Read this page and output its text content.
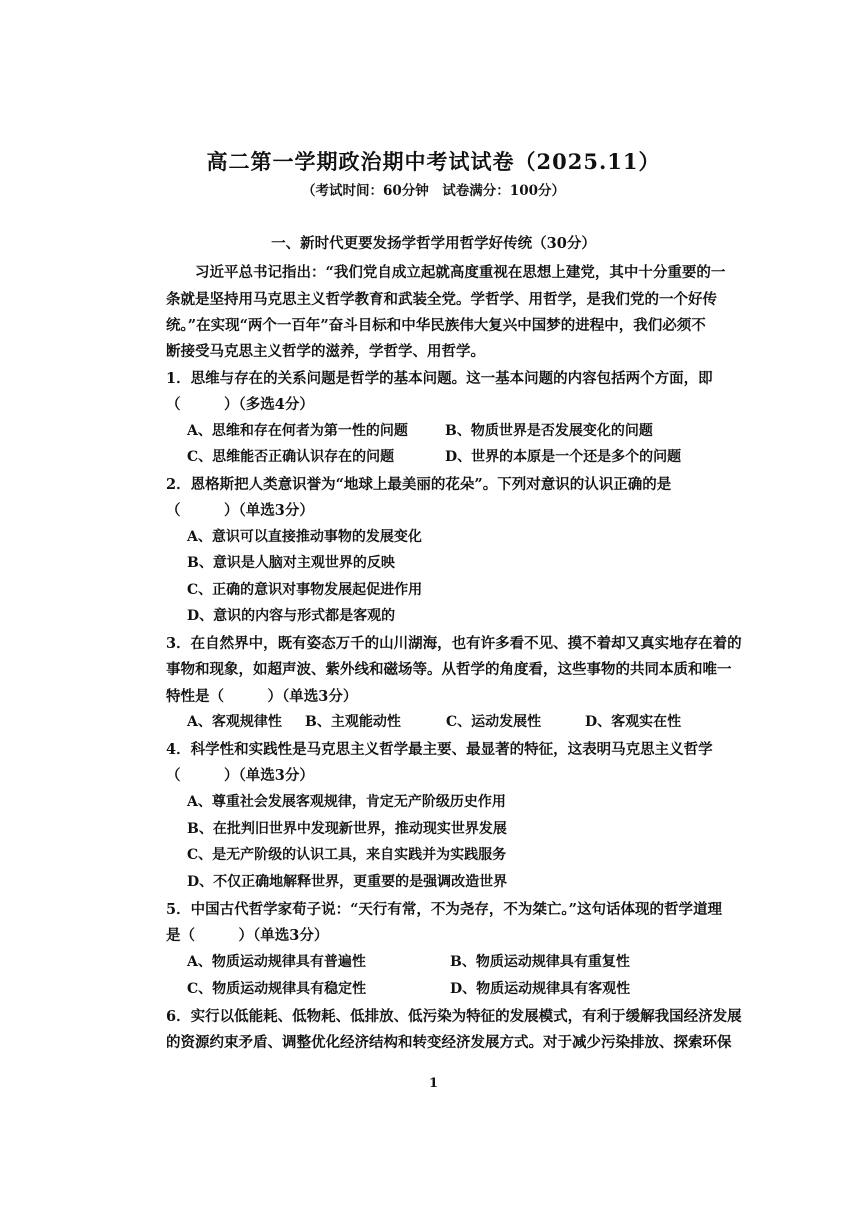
高二第一学期政治期中考试试卷（2025.11）
（考试时间：60分钟　试卷满分：100分）
一、新时代更要发扬学哲学用哲学好传统（30分）
习近平总书记指出：“我们党自成立起就高度重视在思想上建党，其中十分重要的一
条就是坚持用马克思主义哲学教育和武装全党。学哲学、用哲学，是我们党的一个好传
统。”在实现“两个一百年”奋斗目标和中华民族伟大复兴中国梦的进程中，我们必须不
断接受马克思主义哲学的滋养，学哲学、用哲学。
1．思维与存在的关系问题是哲学的基本问题。这一基本问题的内容包括两个方面，即
（　　　）（多选4分）
A、思维和存在何者为第一性的问题	B、物质世界是否发展变化的问题
C、思维能否正确认识存在的问题	D、世界的本原是一个还是多个的问题
2．恩格斯把人类意识誉为“地球上最美丽的花朵”。下列对意识的认识正确的是
（　　　）（单选3分）
A、意识可以直接推动事物的发展变化
B、意识是人脑对主观世界的反映
C、正确的意识对事物发展起促进作用
D、意识的内容与形式都是客观的
3．在自然界中，既有姿态万千的山川湖海，也有许多看不见、摸不着却又真实地存在着的
事物和现象，如超声波、紫外线和磁场等。从哲学的角度看，这些事物的共同本质和唯一
特性是（　　　）（单选3分）
A、客观规律性 B、主观能动性	C、运动发展性	D、客观实在性
4．科学性和实践性是马克思主义哲学最主要、最显著的特征，这表明马克思主义哲学
（　　　）（单选3分）
A、尊重社会发展客观规律，肯定无产阶级历史作用
B、在批判旧世界中发现新世界，推动现实世界发展
C、是无产阶级的认识工具，来自实践并为实践服务
D、不仅正确地解释世界，更重要的是强调改造世界
5．中国古代哲学家荀子说：“天行有常，不为尧存，不为桀亡。”这句话体现的哲学道理
是（　　　）（单选3分）
A、物质运动规律具有普遍性	B、物质运动规律具有重复性
C、物质运动规律具有稳定性	D、物质运动规律具有客观性
6．实行以低能耗、低物耗、低排放、低污染为特征的发展模式，有利于缓解我国经济发展
的资源约束矛盾、调整优化经济结构和转变经济发展方式。对于减少污染排放、探索环保
1
